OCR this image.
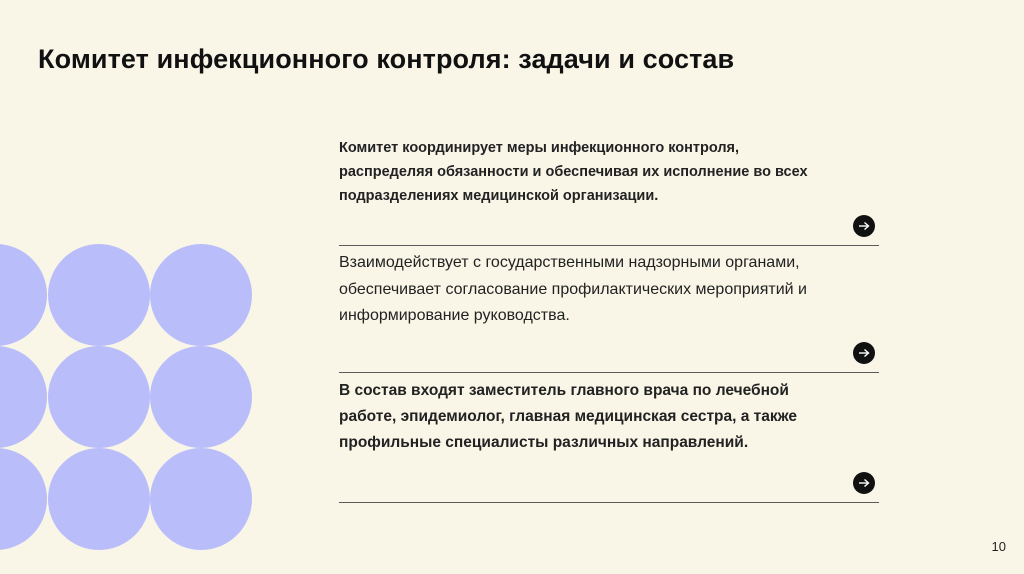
Комитет инфекционного контроля: задачи и состав

Комитет координирует меры инфекционного контроля, распределяя обязанности и обеспечивая их исполнение во всех подразделениях медицинской организации.

Взаимодействует с государственными надзорными органами, обеспечивает согласование профилактических мероприятий и информирование руководства.

В состав входят заместитель главного врача по лечебной работе, эпидемиолог, главная медицинская сестра, а также профильные специалисты различных направлений.

10
